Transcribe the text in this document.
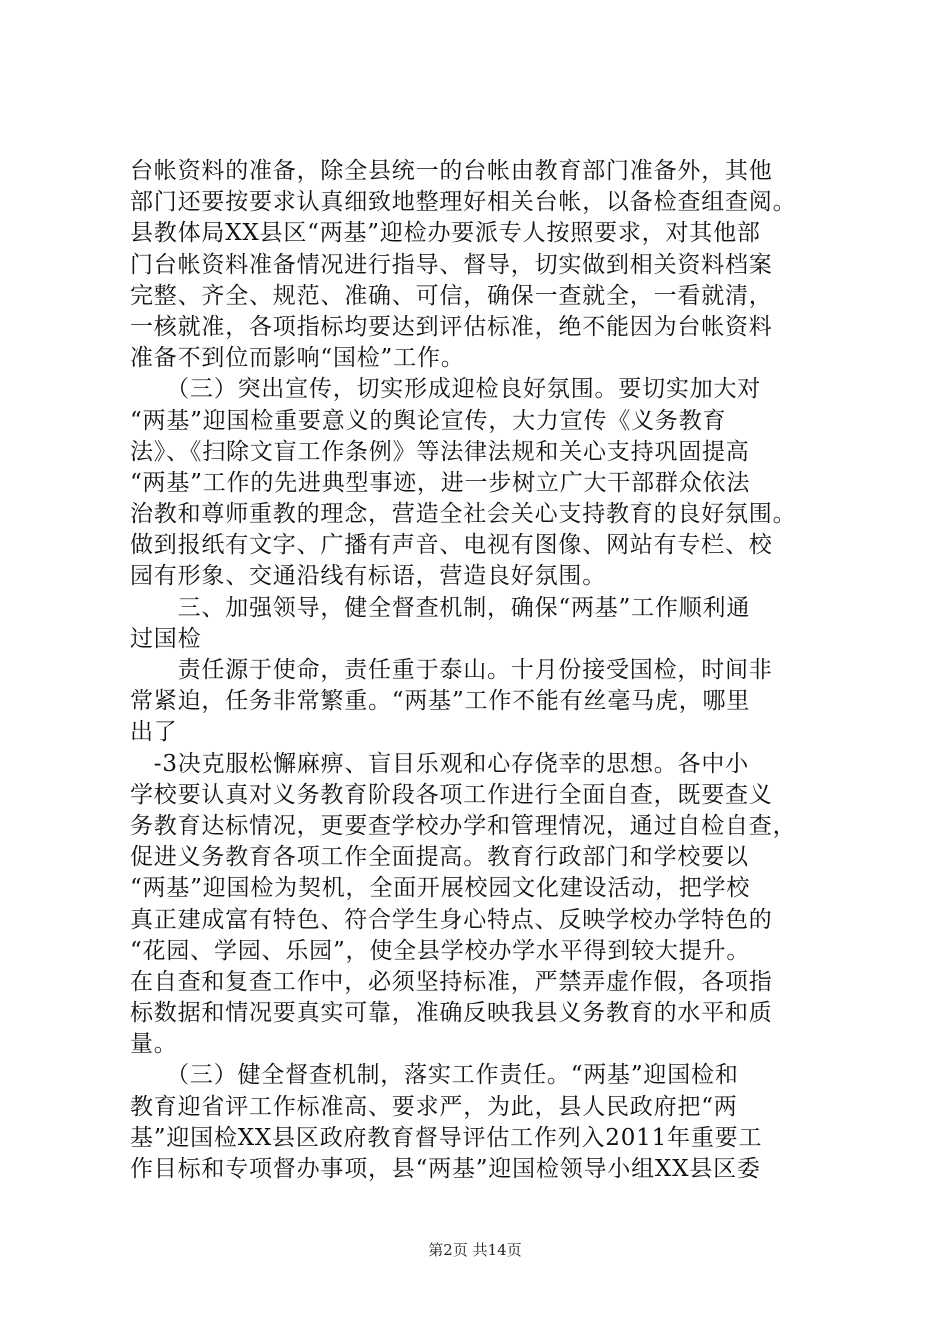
台帐资料的准备，除全县统一的台帐由教育部门准备外，其他
部门还要按要求认真细致地整理好相关台帐，以备检查组查阅。
县教体局XX县区“两基”迎检办要派专人按照要求，对其他部
门台帐资料准备情况进行指导、督导，切实做到相关资料档案
完整、齐全、规范、准确、可信，确保一查就全，一看就清，
一核就准，各项指标均要达到评估标准，绝不能因为台帐资料
准备不到位而影响“国检”工作。
　　（三）突出宣传，切实形成迎检良好氛围。要切实加大对
“两基”迎国检重要意义的舆论宣传，大力宣传《义务教育
法》、《扫除文盲工作条例》等法律法规和关心支持巩固提高
“两基”工作的先进典型事迹，进一步树立广大干部群众依法
治教和尊师重教的理念，营造全社会关心支持教育的良好氛围。
做到报纸有文字、广播有声音、电视有图像、网站有专栏、校
园有形象、交通沿线有标语，营造良好氛围。
　　三、加强领导，健全督查机制，确保“两基”工作顺利通
过国检
　　责任源于使命，责任重于泰山。十月份接受国检，时间非
常紧迫，任务非常繁重。“两基”工作不能有丝毫马虎，哪里
出了
　-3决克服松懈麻痹、盲目乐观和心存侥幸的思想。各中小
学校要认真对义务教育阶段各项工作进行全面自查，既要查义
务教育达标情况，更要查学校办学和管理情况，通过自检自查，
促进义务教育各项工作全面提高。教育行政部门和学校要以
“两基”迎国检为契机，全面开展校园文化建设活动，把学校
真正建成富有特色、符合学生身心特点、反映学校办学特色的
“花园、学园、乐园”，使全县学校办学水平得到较大提升。
在自查和复查工作中，必须坚持标准，严禁弄虚作假，各项指
标数据和情况要真实可靠，准确反映我县义务教育的水平和质
量。
　　（三）健全督查机制，落实工作责任。“两基”迎国检和
教育迎省评工作标准高、要求严，为此，县人民政府把“两
基”迎国检XX县区政府教育督导评估工作列入2011年重要工
作目标和专项督办事项，县“两基”迎国检领导小组XX县区委
第2页 共14页
